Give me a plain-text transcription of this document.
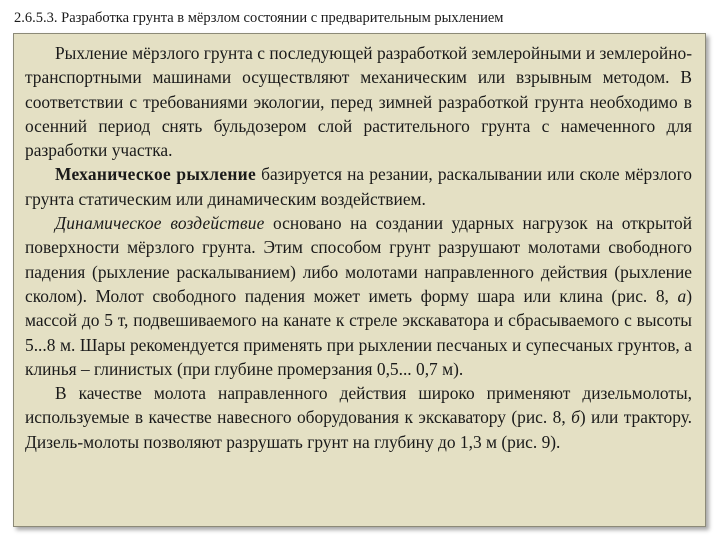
2.6.5.3. Разработка грунта в мёрзлом состоянии с предварительным рыхлением

Рыхление мёрзлого грунта с последующей разработкой землеройными и землеройно-транспортными машинами осуществляют механическим или взрывным методом. В соответствии с требованиями экологии, перед зимней разработкой грунта необходимо в осенний период снять бульдозером слой растительного грунта с намеченного для разработки участка.

Механическое рыхление базируется на резании, раскалывании или сколе мёрзлого грунта статическим или динамическим воздействием.

Динамическое воздействие основано на создании ударных нагрузок на открытой поверхности мёрзлого грунта. Этим способом грунт разрушают молотами свободного падения (рыхление раскалыванием) либо молотами направленного действия (рыхление сколом). Молот свободного падения может иметь форму шара или клина (рис. 8, а) массой до 5 т, подвешиваемого на канате к стреле экскаватора и сбрасываемого с высоты 5...8 м. Шары рекомендуется применять при рыхлении песчаных и супесчаных грунтов, а клинья – глинистых (при глубине промерзания 0,5... 0,7 м).

В качестве молота направленного действия широко применяют дизельмолоты, используемые в качестве навесного оборудования к экскаватору (рис. 8, б) или трактору. Дизель-молоты позволяют разрушать грунт на глубину до 1,3 м (рис. 9).
